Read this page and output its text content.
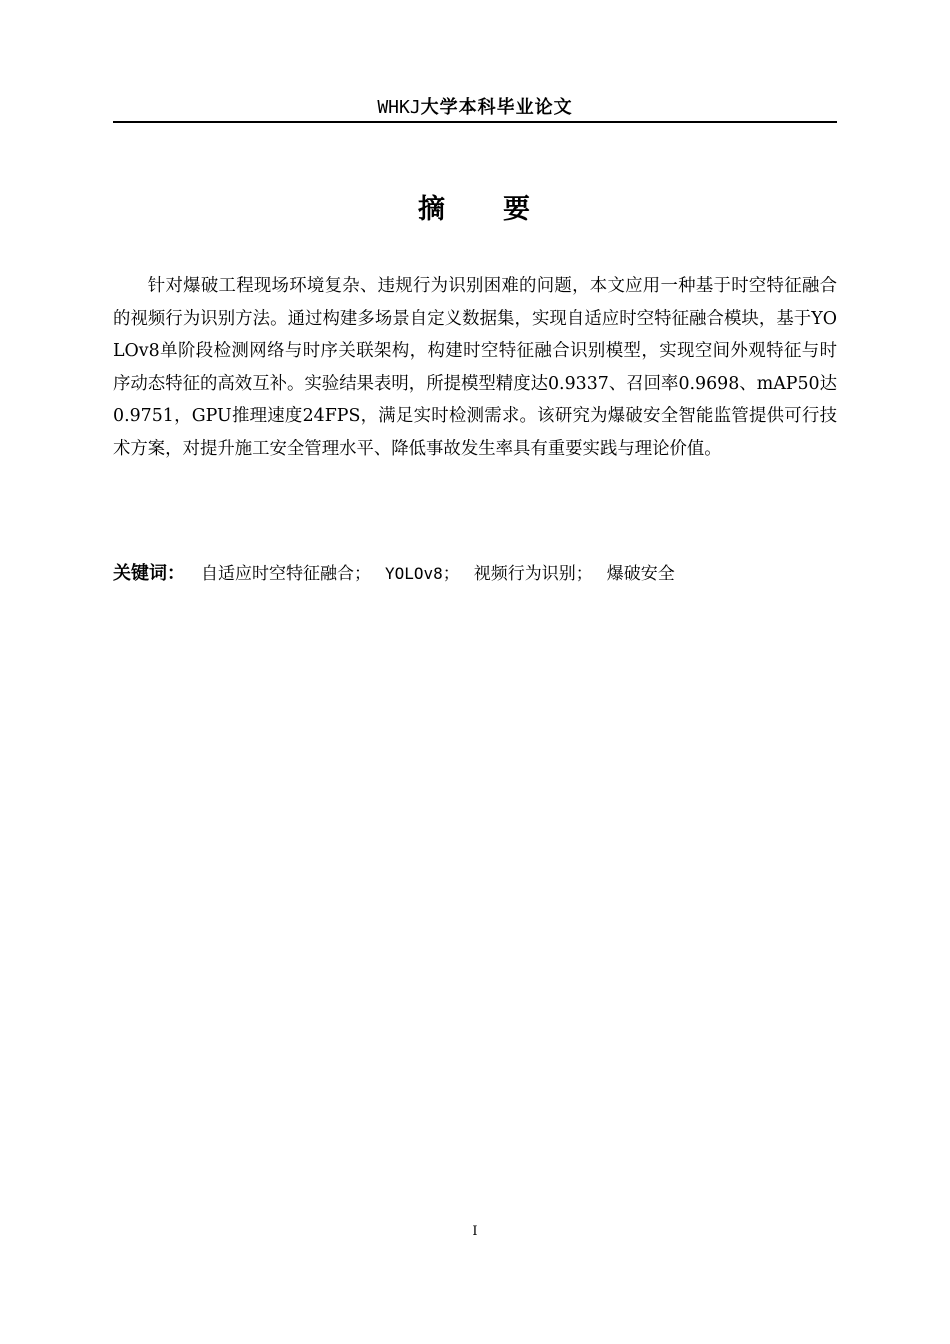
WHKJ大学本科毕业论文
摘 要

针对爆破工程现场环境复杂、违规行为识别困难的问题，本文应用一种基于时空特征融合的视频行为识别方法。通过构建多场景自定义数据集，实现自适应时空特征融合模块，基于YOLOv8单阶段检测网络与时序关联架构，构建时空特征融合识别模型，实现空间外观特征与时序动态特征的高效互补。实验结果表明，所提模型精度达0.9337、召回率0.9698、mAP50达0.9751，GPU推理速度24FPS，满足实时检测需求。该研究为爆破安全智能监管提供可行技术方案，对提升施工安全管理水平、降低事故发生率具有重要实践与理论价值。

关键词： 自适应时空特征融合； YOLOv8； 视频行为识别； 爆破安全
I
